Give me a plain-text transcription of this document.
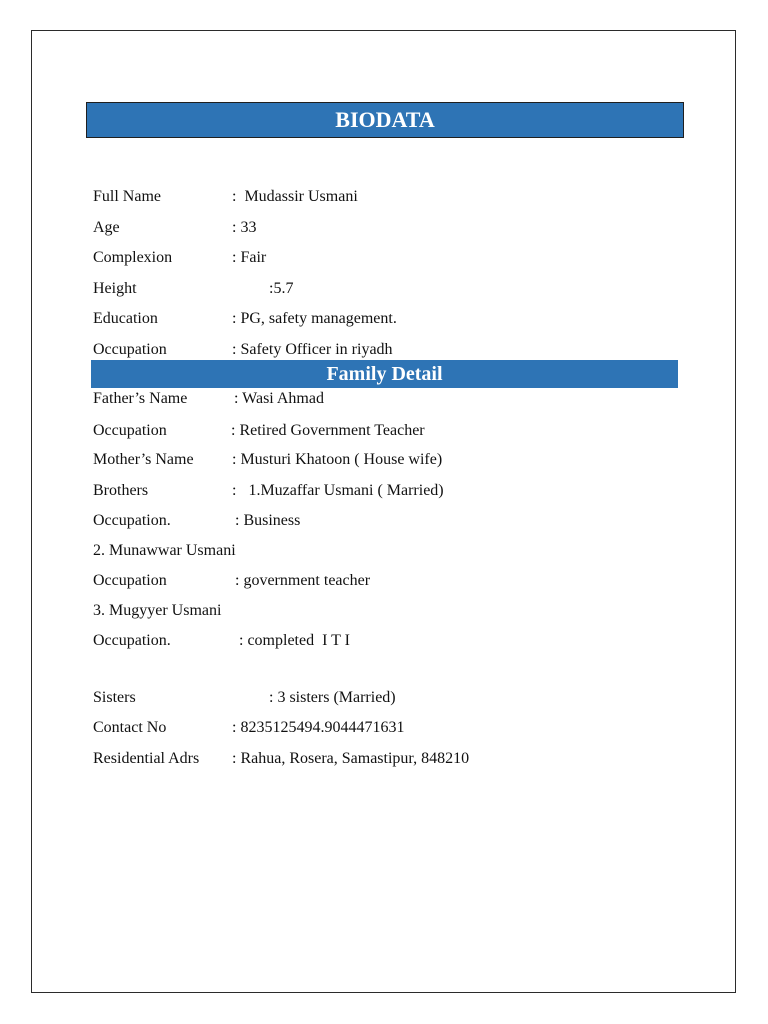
BIODATA

Full Name

	:  Mudassir Usmani

Age

	: 33

Complexion

	: Fair

Height

	:5.7

Education

	: PG, safety management.

Occupation

	: Safety Officer in riyadh

Family Detail

Father’s Name

	: Wasi Ahmad

Occupation

	: Retired Government Teacher

Mother’s Name

: Musturi Khatoon ( House wife)

Brothers

	:   1.Muzaffar Usmani ( Married)

Occupation.

	: Business

2. Munawwar Usmani

Occupation

	: government teacher

3. Mugyyer Usmani

Occupation.

	: completed  I T I

Sisters

	: 3 sisters (Married)

Contact No

	: 8235125494.9044471631

Residential Adrs

: Rahua, Rosera, Samastipur, 848210
